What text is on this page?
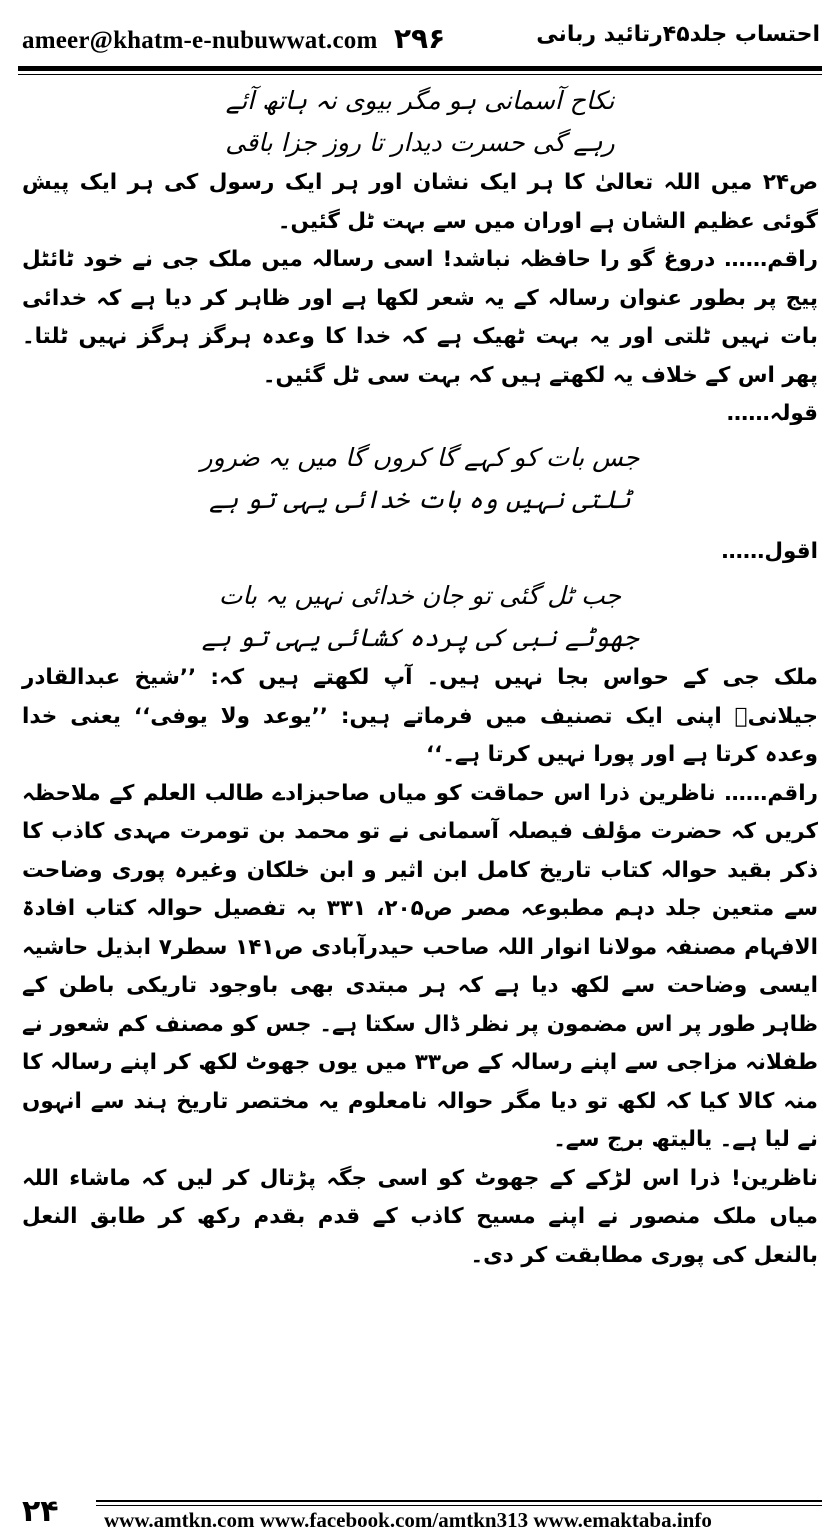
ameer@khatm-e-nubuwwat.com ۲۹۶	احتساب جلد۴۵رتائید ربانی
نکاح آسمانی ہو مگر بیوی نہ ہاتھ آئے
رہے گی حسرت دیدار تا روز جزا باقی

ص۲۴ میں اللہ تعالیٰ کا ہر ایک نشان اور ہر ایک رسول کی ہر ایک پیش گوئی عظیم الشان ہے اوران میں سے بہت ٹل گئیں۔

راقم…… دروغ گو را حافظہ نباشد! اسی رسالہ میں ملک جی نے خود ٹائٹل پیج پر بطور عنوان رسالہ کے یہ شعر لکھا ہے اور ظاہر کر دیا ہے کہ خدائی بات نہیں ٹلتی اور یہ بہت ٹھیک ہے کہ خدا کا وعدہ ہرگز ہرگز نہیں ٹلتا۔ پھر اس کے خلاف یہ لکھتے ہیں کہ بہت سی ٹل گئیں۔

قولہ……
جس بات کو کہے گا کروں گا میں یہ ضرور
ٹلتی نہیں وہ بات خدائی یہی تو ہے
اقول……
جب ٹل گئی تو جان خدائی نہیں یہ بات
جھوٹے نبی کی پردہ کشائی یہی تو ہے

ملک جی کے حواس بجا نہیں ہیں۔ آپ لکھتے ہیں کہ: ’’شیخ عبدالقادر جیلانیؒ اپنی ایک تصنیف میں فرماتے ہیں: ’’یوعد ولا یوفی‘‘ یعنی خدا وعدہ کرتا ہے اور پورا نہیں کرتا ہے۔‘‘

راقم…… ناظرین ذرا اس حماقت کو میاں صاحبزادے طالب العلم کے ملاحظہ کریں کہ حضرت مؤلف فیصلہ آسمانی نے تو محمد بن تومرت مہدی کاذب کا ذکر بقید حوالہ کتاب تاریخ کامل ابن اثیر و ابن خلکان وغیرہ پوری وضاحت سے متعین جلد دہم مطبوعہ مصر ص۲۰۵، ۳۳۱ بہ تفصیل حوالہ کتاب افادۃ الافہام مصنفہ مولانا انوار اللہ صاحب حیدرآبادی ص۱۴۱ سطر۷ ابذیل حاشیہ ایسی وضاحت سے لکھ دیا ہے کہ ہر مبتدی بھی باوجود تاریکی باطن کے ظاہر طور پر اس مضمون پر نظر ڈال سکتا ہے۔ جس کو مصنف کم شعور نے طفلانہ مزاجی سے اپنے رسالہ کے ص۳۳ میں یوں جھوٹ لکھ کر اپنے رسالہ کا منہ کالا کیا کہ لکھ تو دیا مگر حوالہ نامعلوم یہ مختصر تاریخ ہند سے انہوں نے لیا ہے۔ یالیتھ برج سے۔

ناظرین! ذرا اس لڑکے کے جھوٹ کو اسی جگہ پڑتال کر لیں کہ ماشاء اللہ میاں ملک منصور نے اپنے مسیح کاذب کے قدم بقدم رکھ کر طابق النعل بالنعل کی پوری مطابقت کر دی۔

۲۴ www.amtkn.com www.facebook.com/amtkn313 www.emaktaba.info
